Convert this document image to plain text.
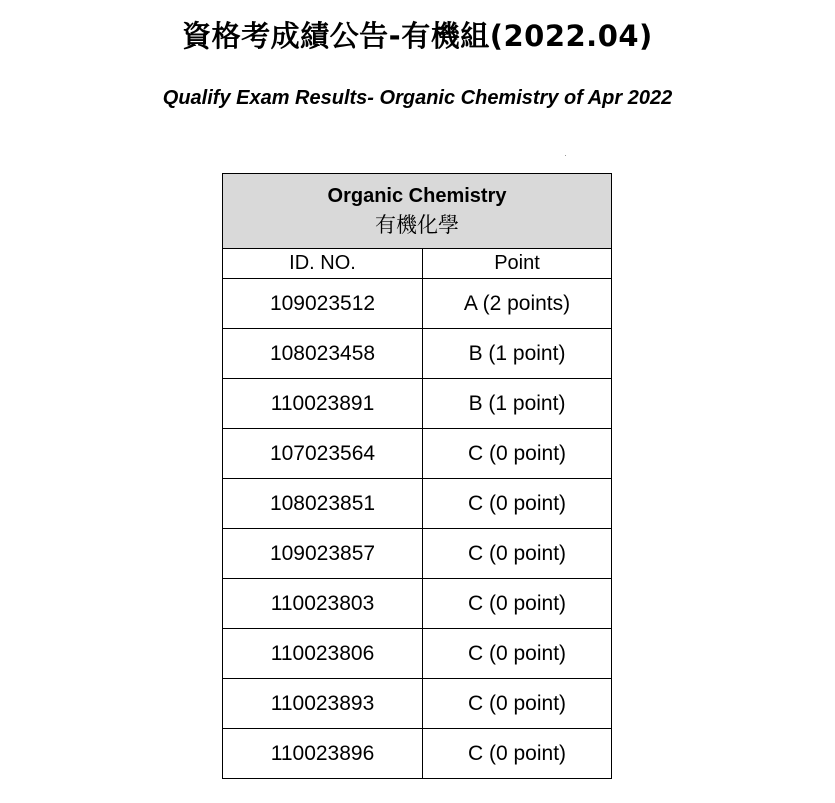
資格考成績公告-有機組(2022.04)
Qualify Exam Results- Organic Chemistry of Apr 2022
Organic Chemistry
有機化學	

ID. NO.	Point
109023512	A (2 points)
108023458	B (1 point)
110023891	B (1 point)
107023564	C (0 point)
108023851	C (0 point)
109023857	C (0 point)
110023803	C (0 point)
110023806	C (0 point)
110023893	C (0 point)
110023896	C (0 point)
